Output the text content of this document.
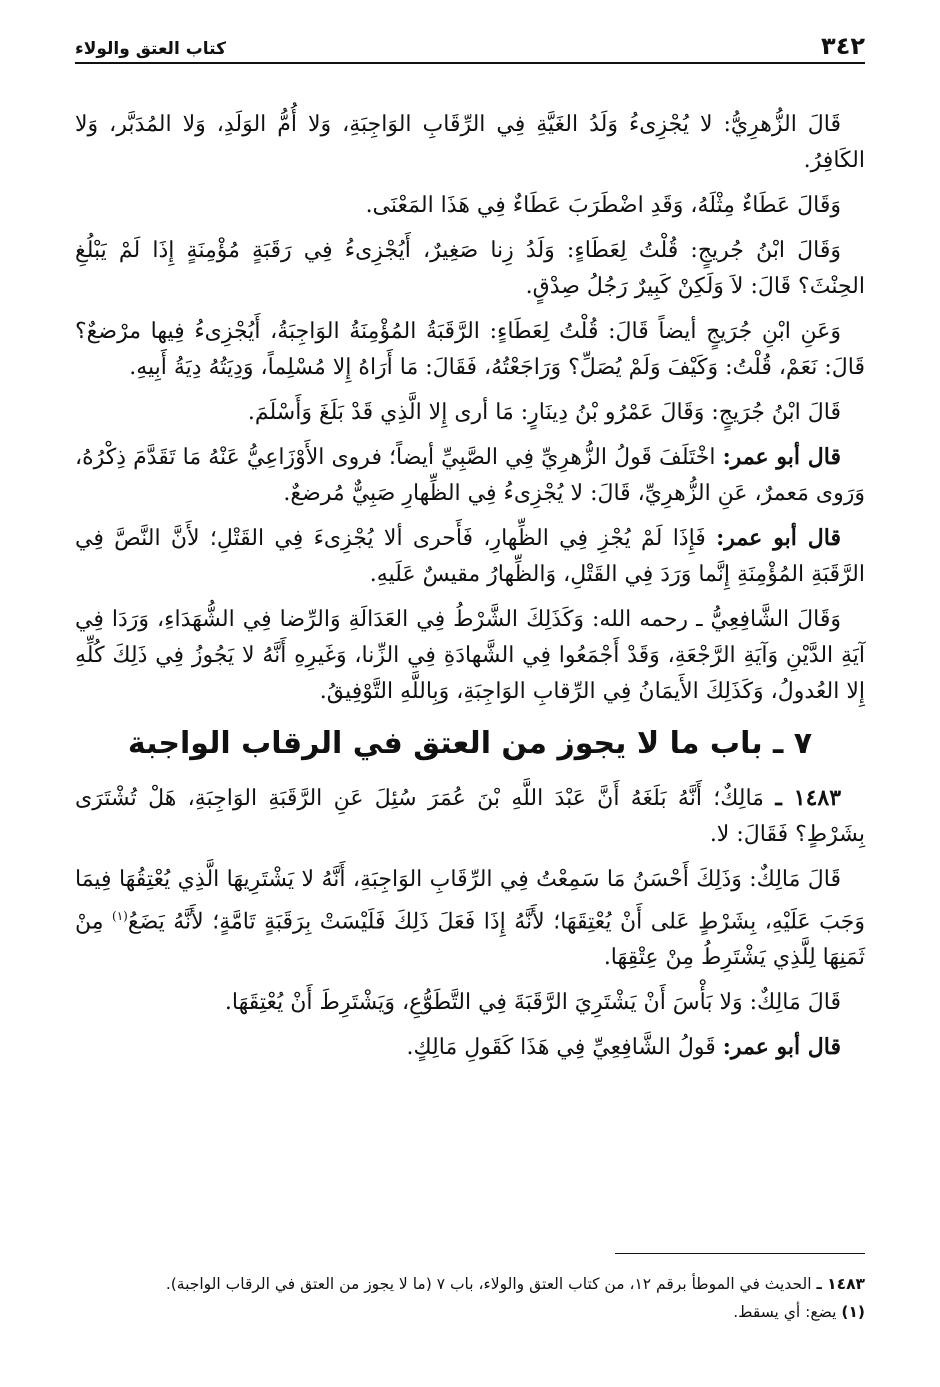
٣٤٢
كتاب العتق والولاء

قَالَ الزُّهرِيُّ: لا يُجْزِىءُ وَلَدُ الغَيَّةِ فِي الرِّقَابِ الوَاجِبَةِ، وَلا أُمُّ الوَلَدِ، وَلا المُدَبَّر، وَلا الكَافِرُ.

وَقَالَ عَطَاءٌ مِثْلَهُ، وَقَدِ اضْطَرَبَ عَطَاءٌ فِي هَذَا المَعْنَى.

وَقَالَ ابْنُ جُريجٍ: قُلْتُ لِعَطَاءٍ: وَلَدُ زِنا صَغِيرٌ، أَيُجْزِىءُ فِي رَقَبَةٍ مُؤْمِنَةٍ إِذَا لَمْ يَبْلُغِ الحِنْثَ؟ قَالَ: لاَ وَلَكِنْ كَبِيرٌ رَجُلُ صِدْقٍ.

وَعَنِ ابْنِ جُرَيجٍ أيضاً قَالَ: قُلْتُ لِعَطَاءٍ: الرَّقَبَةُ المُؤْمِنَةُ الوَاجِبَةُ، أَيُجْزِىءُ فِيها مرْضعٌ؟ قَالَ: نَعَمْ، قُلْتُ: وَكَيْفَ وَلَمْ يُصَلِّ؟ وَرَاجَعْتُهُ، فَقَالَ: مَا أَرَاهُ إِلا مُسْلِماً، وَدِيَتُهُ دِيَةُ أَبِيهِ.

قَالَ ابْنُ جُرَيجٍ: وَقَالَ عَمْرُو بْنُ دِينَارٍ: مَا أرى إِلا الَّذِي قَدْ بَلَغَ وَأَسْلَمَ.

قال أبو عمر: اخْتَلَفَ قَولُ الزُّهرِيِّ فِي الصَّبِيِّ أيضاً؛ فروى الأَوْزَاعِيُّ عَنْهُ مَا تَقَدَّمَ ذِكْرُهُ، وَرَوى مَعمرٌ، عَنِ الزُّهرِيِّ، قَالَ: لا يُجْزِىءُ فِي الظِّهارِ صَبِيٌّ مُرضعٌ.

قال أبو عمر: فَإِذَا لَمْ يُجْزِ فِي الظِّهارِ، فَأَحرى ألا يُجْزِىءَ فِي القَتْلِ؛ لأَنَّ النَّصَّ فِي الرَّقَبَةِ المُؤْمِنَةِ إِنَّما وَرَدَ فِي القَتْلِ، وَالظِّهارُ مقيسٌ عَلَيهِ.

وَقَالَ الشَّافِعِيُّ ـ رحمه الله: وَكَذَلِكَ الشَّرْطُ فِي العَدَالَةِ وَالرِّضا فِي الشُّهَدَاءِ، وَرَدَا فِي آيَةِ الدَّيْنِ وَآيَةِ الرَّجْعَةِ، وَقَدْ أَجْمَعُوا فِي الشَّهادَةِ فِي الزِّنا، وَغَيرِهِ أَنَّهُ لا يَجُوزُ فِي ذَلِكَ كُلِّهِ إِلا العُدولُ، وَكَذَلِكَ الأَيمَانُ فِي الرِّقابِ الوَاجِبَةِ، وَبِاللَّهِ التَّوْفِيقُ.

٧ ـ باب ما لا يجوز من العتق في الرقاب الواجبة

١٤٨٣ ـ مَالِكٌ؛ أَنَّهُ بَلَغَهُ أَنَّ عَبْدَ اللَّهِ بْنَ عُمَرَ سُئِلَ عَنِ الرَّقَبَةِ الوَاجِبَةِ، هَلْ تُشْتَرَى بِشَرْطٍ؟ فَقَالَ: لا.

قَالَ مَالِكٌ: وَذَلِكَ أَحْسَنُ مَا سَمِعْتُ فِي الرِّقَابِ الوَاجِبَةِ، أَنَّهُ لا يَشْتَرِيهَا الَّذِي يُعْتِقُهَا فِيمَا وَجَبَ عَلَيْهِ، بِشَرْطٍ عَلى أَنْ يُعْتِقَهَا؛ لأَنَّهُ إِذَا فَعَلَ ذَلِكَ فَلَيْسَتْ بِرَقَبَةٍ تَامَّةٍ؛ لأَنَّهُ يَضَعُ$^{(١)}$ مِنْ ثَمَنِهَا لِلَّذِي يَشْتَرِطُ مِنْ عِتْقِهَا.

قَالَ مَالِكٌ: وَلا بَأْسَ أَنْ يَشْتَرِيَ الرَّقَبَةَ فِي التَّطَوُّعِ، وَيَشْتَرِطَ أَنْ يُعْتِقَهَا.

قال أبو عمر: قَولُ الشَّافِعِيِّ فِي هَذَا كَقَولِ مَالِكٍ.

١٤٨٣ ـ الحديث في الموطأ برقم ١٢، من كتاب العتق والولاء، باب ٧ (ما لا يجوز من العتق في الرقاب الواجبة).

(١) يضع: أي يسقط.
